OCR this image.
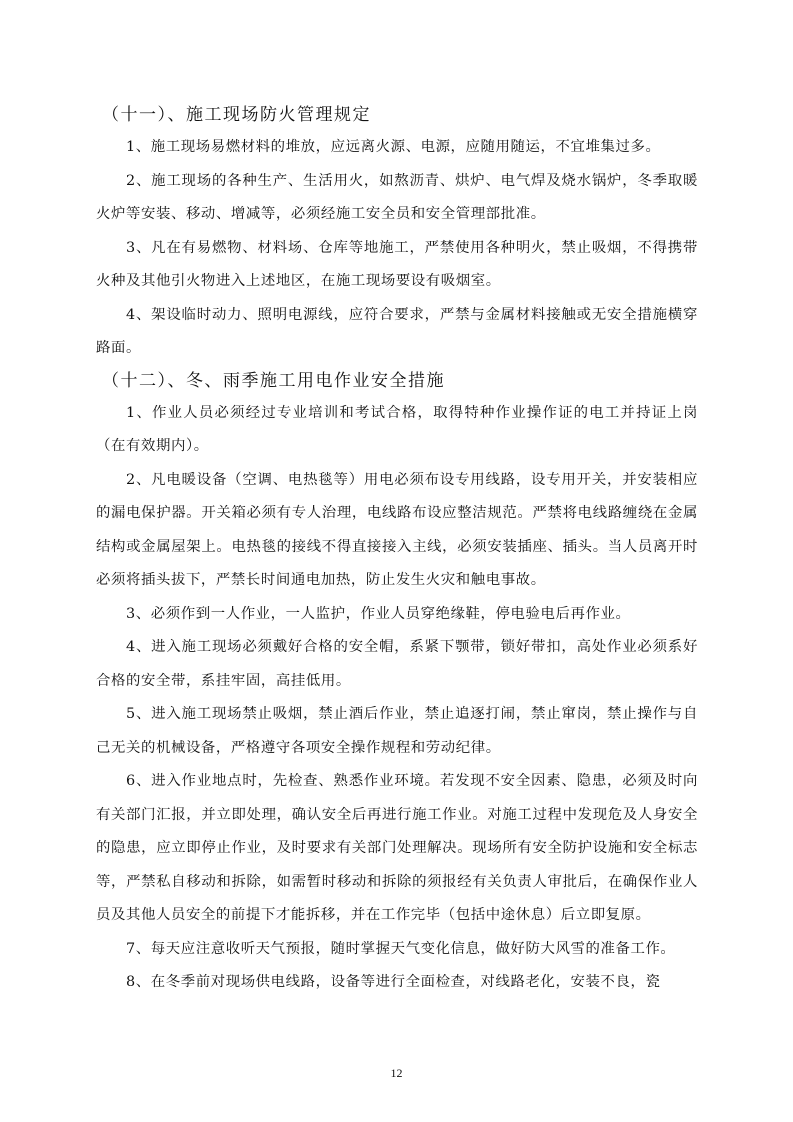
（十一）、施工现场防火管理规定

1、施工现场易燃材料的堆放，应远离火源、电源，应随用随运，不宜堆集过多。

2、施工现场的各种生产、生活用火，如熬沥青、烘炉、电气焊及烧水锅炉，冬季取暖火炉等安装、移动、增减等，必须经施工安全员和安全管理部批准。

3、凡在有易燃物、材料场、仓库等地施工，严禁使用各种明火，禁止吸烟，不得携带火种及其他引火物进入上述地区，在施工现场要设有吸烟室。

4、架设临时动力、照明电源线，应符合要求，严禁与金属材料接触或无安全措施横穿路面。

（十二）、冬、雨季施工用电作业安全措施

1、作业人员必须经过专业培训和考试合格，取得特种作业操作证的电工并持证上岗（在有效期内）。

2、凡电暖设备（空调、电热毯等）用电必须布设专用线路，设专用开关，并安装相应的漏电保护器。开关箱必须有专人治理，电线路布设应整洁规范。严禁将电线路缠绕在金属结构或金属屋架上。电热毯的接线不得直接接入主线，必须安装插座、插头。当人员离开时必须将插头拔下，严禁长时间通电加热，防止发生火灾和触电事故。

3、必须作到一人作业，一人监护，作业人员穿绝缘鞋，停电验电后再作业。

4、进入施工现场必须戴好合格的安全帽，系紧下颚带，锁好带扣，高处作业必须系好合格的安全带，系挂牢固，高挂低用。

5、进入施工现场禁止吸烟，禁止酒后作业，禁止追逐打闹，禁止窜岗，禁止操作与自己无关的机械设备，严格遵守各项安全操作规程和劳动纪律。

6、进入作业地点时，先检查、熟悉作业环境。若发现不安全因素、隐患，必须及时向有关部门汇报，并立即处理，确认安全后再进行施工作业。对施工过程中发现危及人身安全的隐患，应立即停止作业，及时要求有关部门处理解决。现场所有安全防护设施和安全标志等，严禁私自移动和拆除，如需暂时移动和拆除的须报经有关负责人审批后，在确保作业人员及其他人员安全的前提下才能拆移，并在工作完毕（包括中途休息）后立即复原。

7、每天应注意收听天气预报，随时掌握天气变化信息，做好防大风雪的准备工作。

8、在冬季前对现场供电线路，设备等进行全面检查，对线路老化，安装不良，瓷

12
